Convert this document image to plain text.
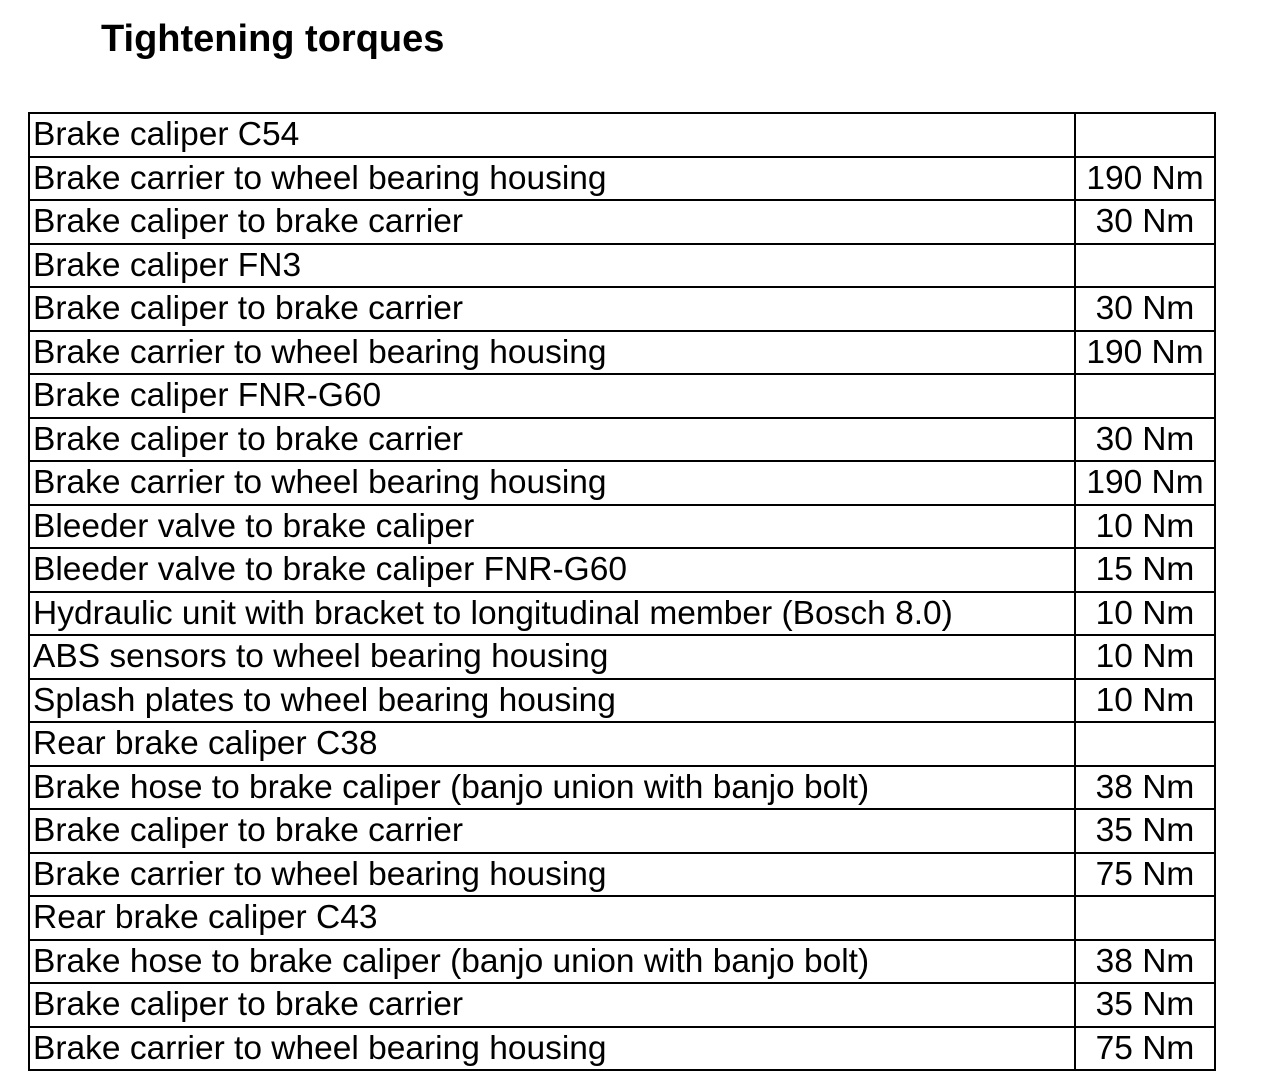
Tightening torques
Brake caliper C54
Brake carrier to wheel bearing housing	190 Nm
Brake caliper to brake carrier	30 Nm
Brake caliper FN3
Brake caliper to brake carrier	30 Nm
Brake carrier to wheel bearing housing	190 Nm
Brake caliper FNR-G60
Brake caliper to brake carrier	30 Nm
Brake carrier to wheel bearing housing	190 Nm
Bleeder valve to brake caliper	10 Nm
Bleeder valve to brake caliper FNR-G60	15 Nm
Hydraulic unit with bracket to longitudinal member (Bosch 8.0)	10 Nm
ABS sensors to wheel bearing housing	10 Nm
Splash plates to wheel bearing housing	10 Nm
Rear brake caliper C38
Brake hose to brake caliper (banjo union with banjo bolt)	38 Nm
Brake caliper to brake carrier	35 Nm
Brake carrier to wheel bearing housing	75 Nm
Rear brake caliper C43
Brake hose to brake caliper (banjo union with banjo bolt)	38 Nm
Brake caliper to brake carrier	35 Nm
Brake carrier to wheel bearing housing	75 Nm
